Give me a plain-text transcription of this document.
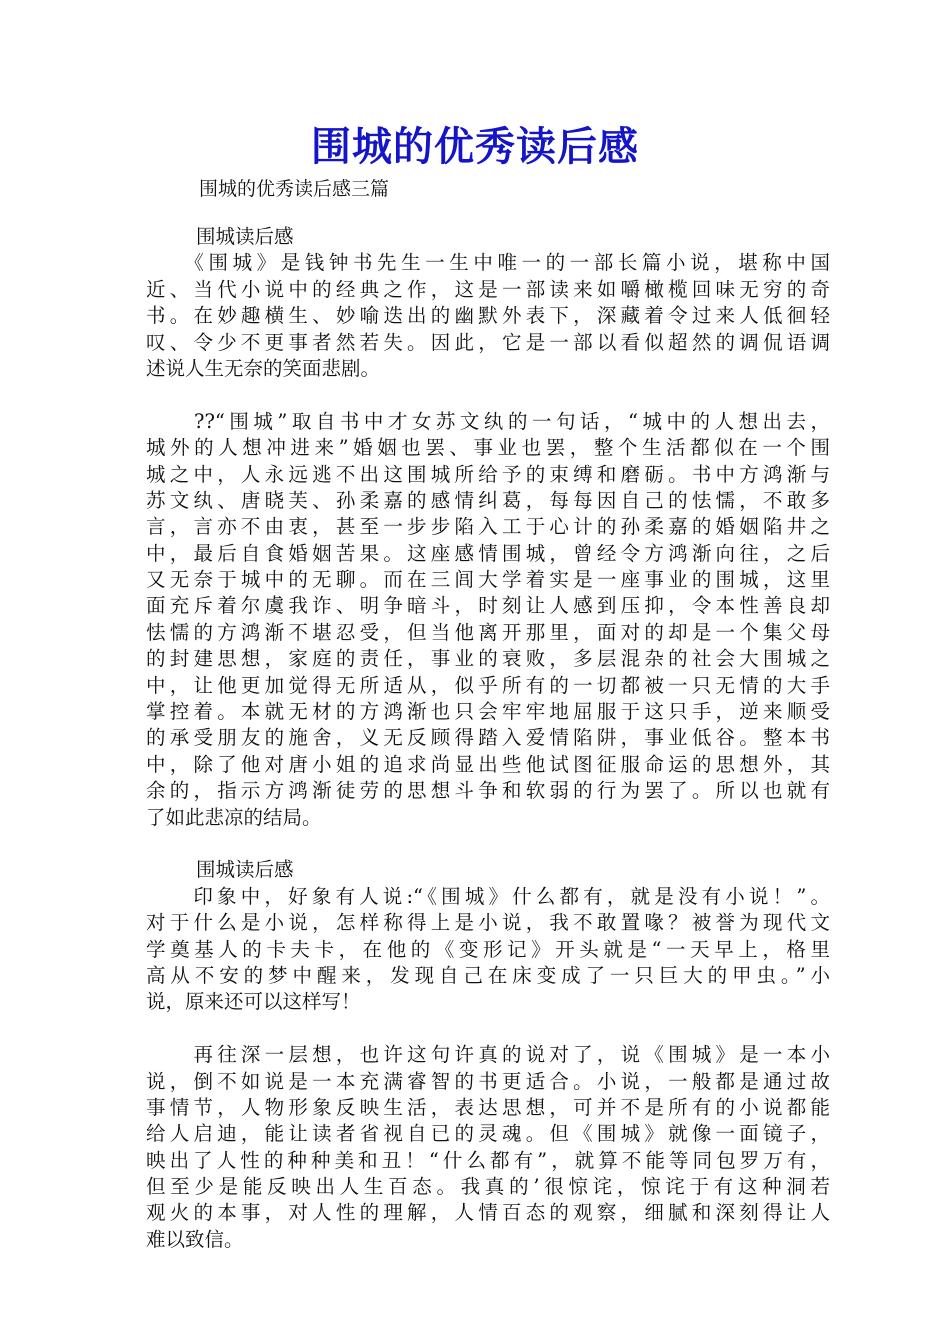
围城的优秀读后感

围城的优秀读后感三篇

围城读后感
　　《围城》是钱钟书先生一生中唯一的一部长篇小说，堪称中国
近、当代小说中的经典之作，这是一部读来如嚼橄榄回味无穷的奇
书。在妙趣横生、妙喻迭出的幽默外表下，深藏着令过来人低徊轻
叹、令少不更事者然若失。因此，它是一部以看似超然的调侃语调
述说人生无奈的笑面悲剧。
　　??“围城”取自书中才女苏文纨的一句话，“城中的人想出去，
城外的人想冲进来”婚姻也罢、事业也罢，整个生活都似在一个围
城之中，人永远逃不出这围城所给予的束缚和磨砺。书中方鸿渐与
苏文纨、唐晓芙、孙柔嘉的感情纠葛，每每因自己的怯懦，不敢多
言，言亦不由衷，甚至一步步陷入工于心计的孙柔嘉的婚姻陷井之
中，最后自食婚姻苦果。这座感情围城，曾经令方鸿渐向往，之后
又无奈于城中的无聊。而在三闾大学着实是一座事业的围城，这里
面充斥着尔虞我诈、明争暗斗，时刻让人感到压抑，令本性善良却
怯懦的方鸿渐不堪忍受，但当他离开那里，面对的却是一个集父母
的封建思想，家庭的责任，事业的衰败，多层混杂的社会大围城之
中，让他更加觉得无所适从，似乎所有的一切都被一只无情的大手
掌控着。本就无材的方鸿渐也只会牢牢地屈服于这只手，逆来顺受
的承受朋友的施舍，义无反顾得踏入爱情陷阱，事业低谷。整本书
中，除了他对唐小姐的追求尚显出些他试图征服命运的思想外，其
余的，指示方鸿渐徒劳的思想斗争和软弱的行为罢了。所以也就有
了如此悲凉的结局。
围城读后感
　　印象中，好象有人说:“《围城》什么都有，就是没有小说！”。
对于什么是小说，怎样称得上是小说，我不敢置喙？被誉为现代文
学奠基人的卡夫卡，在他的《变形记》开头就是“一天早上，格里
高从不安的梦中醒来，发现自己在床变成了一只巨大的甲虫。”小
说，原来还可以这样写！
　　再往深一层想，也许这句许真的说对了，说《围城》是一本小
说，倒不如说是一本充满睿智的书更适合。小说，一般都是通过故
事情节，人物形象反映生活，表达思想，可并不是所有的小说都能
给人启迪，能让读者省视自已的灵魂。但《围城》就像一面镜子，
映出了人性的种种美和丑！“什么都有”，就算不能等同包罗万有，
但至少是能反映出人生百态。我真的’很惊诧，惊诧于有这种洞若
观火的本事，对人性的理解，人情百态的观察，细腻和深刻得让人
难以致信。
